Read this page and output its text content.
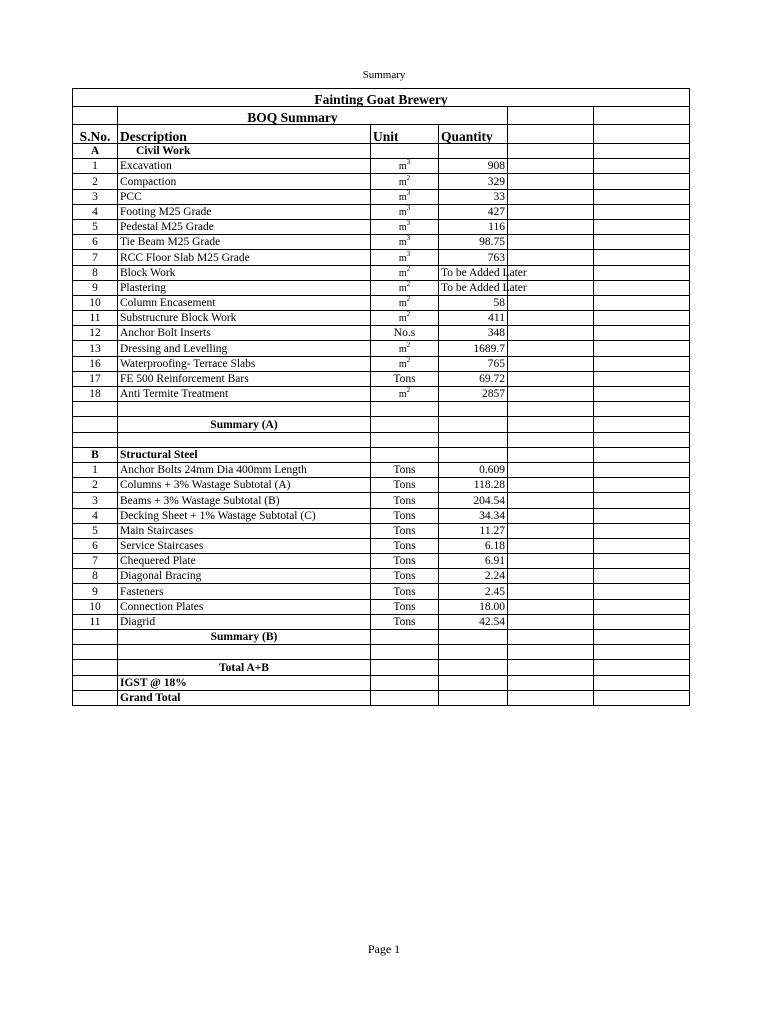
Summary
Fainting Goat Brewery					

	BOQ Summary				

S.No.	Description	Unit	Quantity		
A	Civil Work				
1	Excavation	$m^3$	908		
2	Compaction	$m^2$	329		
3	PCC	$m^3$	33		
4	Footing M25 Grade	$m^3$	427		
5	Pedestal M25 Grade	$m^3$	116		
6	Tie Beam M25 Grade	$m^3$	98.75		
7	RCC Floor Slab M25 Grade	$m^3$	763		
8	Block Work	$m^2$	To be Added Later		
9	Plastering	$m^2$	To be Added Later		
10	Column Encasement	$m^2$	58		
11	Substructure Block Work	$m^2$	411		
12	Anchor Bolt Inserts	No.s	348		
13	Dressing and Levelling	$m^2$	1689.7		
16	Waterproofing- Terrace Slabs	$m^2$	765		
17	FE 500 Reinforcement Bars	Tons	69.72		
18	Anti Termite Treatment	$m^2$	2857		

	Summary (A)				

B	Structural Steel				
1	Anchor Bolts 24mm Dia 400mm Length	Tons	0.609		
2	Columns + 3% Wastage Subtotal (A)	Tons	118.28		
3	Beams + 3% Wastage Subtotal (B)	Tons	204.54		
4	Decking Sheet + 1% Wastage Subtotal (C)	Tons	34.34		
5	Main Staircases	Tons	11.27		
6	Service Staircases	Tons	6.18		
7	Chequered Plate	Tons	6.91		
8	Diagonal Bracing	Tons	2.24		
9	Fasteners	Tons	2.45		
10	Connection Plates	Tons	18.00		
11	Diagrid	Tons	42.54		
	Summary (B)				

	Total A+B				
	IGST @ 18%				
	Grand Total				
Page 1
